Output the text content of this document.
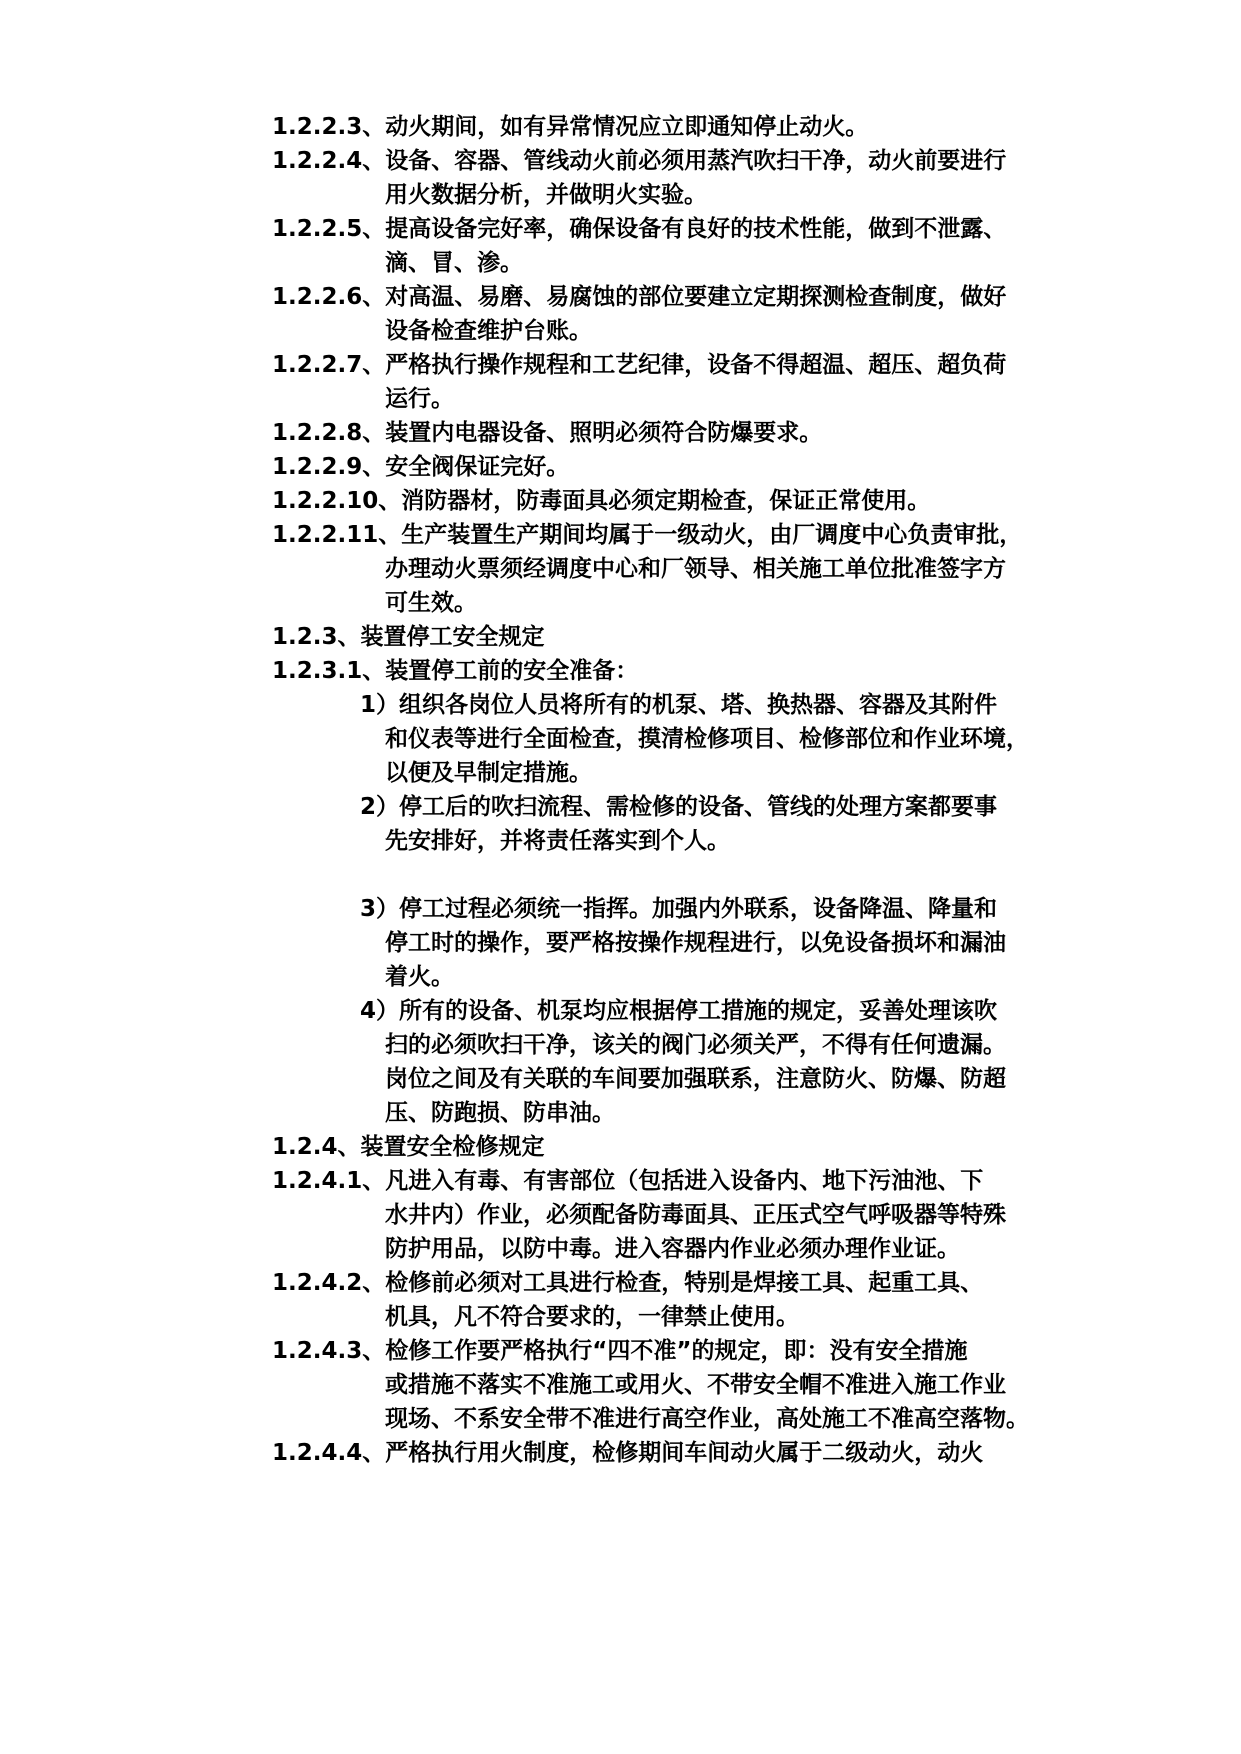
1.2.2.3、动火期间，如有异常情况应立即通知停止动火。
1.2.2.4、设备、容器、管线动火前必须用蒸汽吹扫干净，动火前要进行
用火数据分析，并做明火实验。
1.2.2.5、提高设备完好率，确保设备有良好的技术性能，做到不泄露、
滴、冒、渗。
1.2.2.6、对高温、易磨、易腐蚀的部位要建立定期探测检查制度，做好
设备检查维护台账。
1.2.2.7、严格执行操作规程和工艺纪律，设备不得超温、超压、超负荷
运行。
1.2.2.8、装置内电器设备、照明必须符合防爆要求。
1.2.2.9、安全阀保证完好。
1.2.2.10、消防器材，防毒面具必须定期检查，保证正常使用。
1.2.2.11、生产装置生产期间均属于一级动火，由厂调度中心负责审批，
办理动火票须经调度中心和厂领导、相关施工单位批准签字方
可生效。
1.2.3、装置停工安全规定
1.2.3.1、装置停工前的安全准备：
1）组织各岗位人员将所有的机泵、塔、换热器、容器及其附件
和仪表等进行全面检查，摸清检修项目、检修部位和作业环境，
以便及早制定措施。
2）停工后的吹扫流程、需检修的设备、管线的处理方案都要事
先安排好，并将责任落实到个人。
3）停工过程必须统一指挥。加强内外联系，设备降温、降量和
停工时的操作，要严格按操作规程进行，以免设备损坏和漏油
着火。
4）所有的设备、机泵均应根据停工措施的规定，妥善处理该吹
扫的必须吹扫干净，该关的阀门必须关严，不得有任何遗漏。
岗位之间及有关联的车间要加强联系，注意防火、防爆、防超
压、防跑损、防串油。
1.2.4、装置安全检修规定
1.2.4.1、凡进入有毒、有害部位（包括进入设备内、地下污油池、下
水井内）作业，必须配备防毒面具、正压式空气呼吸器等特殊
防护用品，以防中毒。进入容器内作业必须办理作业证。
1.2.4.2、检修前必须对工具进行检查，特别是焊接工具、起重工具、
机具，凡不符合要求的，一律禁止使用。
1.2.4.3、检修工作要严格执行“四不准”的规定，即：没有安全措施
或措施不落实不准施工或用火、不带安全帽不准进入施工作业
现场、不系安全带不准进行高空作业，高处施工不准高空落物。
1.2.4.4、严格执行用火制度，检修期间车间动火属于二级动火，动火
